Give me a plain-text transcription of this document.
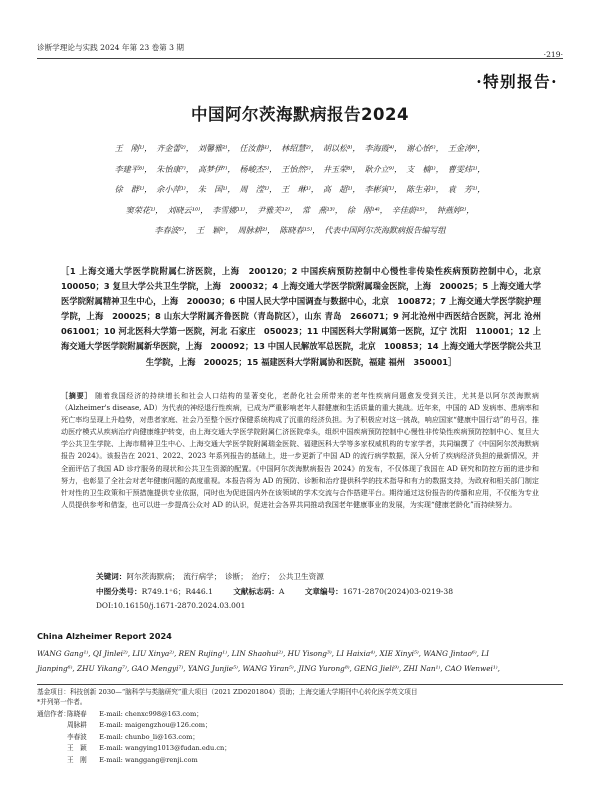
诊断学理论与实践 2024 年第 23 卷第 3 期
·219·
·特别报告·
中国阿尔茨海默病报告2024
王　刚¹⁾，　齐金蕾²⁾，　刘馨雅²⁾，　任汝静¹⁾，　林绍慧²⁾，　胡以松³⁾，　李海霞⁴⁾，　谢心怡⁵⁾，　王金涛⁶⁾，
李建平⁶⁾，　朱怡康⁷⁾，　高梦伊⁷⁾，　杨峻杰⁵⁾，　王怡然⁵⁾，　井玉荣⁸⁾，　耿介立⁹⁾，　支　楠¹⁾，　曹雯炜¹⁾，
徐　群¹⁾，　余小萍¹⁾，　朱　国¹⁾，　周　滢¹⁾，　王　琳¹⁾，　高　超¹⁾，　李彬寅¹⁾，　陈生弟¹⁾，　袁　芳¹⁾，
窦荣花¹⁾，　刘晓云¹⁰⁾，　李雪娜¹¹⁾，　尹雅芙¹²⁾，　常　燕¹³⁾，　徐　刚¹⁴⁾，　辛佳蔚¹⁵⁾，　钟燕婷²⁾，
李春波⁵⁾，　王　颖²⁾，　周脉耕²⁾，　陈晓春¹⁵⁾，　代表中国阿尔茨海默病报告编写组
［1 上海交通大学医学院附属仁济医院，上海　200120；2 中国疾病预防控制中心慢性非传染性疾病预防控制中心，北京　100050；3 复旦大学公共卫生学院，上海　200032；4 上海交通大学医学院附属瑞金医院，上海　200025；5 上海交通大学医学院附属精神卫生中心，上海　200030；6 中国人民大学中国调查与数据中心，北京　100872；7 上海交通大学医学院护理学院，上海　200025；8 山东大学附属齐鲁医院（青岛院区），山东 青岛　266071；9 河北沧州中西医结合医院，河北 沧州　061001；10 河北医科大学第一医院，河北 石家庄　050023；11 中国医科大学附属第一医院，辽宁 沈阳　110001；12 上海交通大学医学院附属新华医院，上海　200092；13 中国人民解放军总医院，北京　100853；14 上海交通大学医学院公共卫生学院，上海　200025；15 福建医科大学附属协和医院，福建 福州　350001］
［摘要］ 随着我国经济的持续增长和社会人口结构的显著变化，老龄化社会所带来的老年性疾病问题愈发受到关注，尤其是以阿尔茨海默病（Alzheimer's disease, AD）为代表的神经退行性疾病，已成为严重影响老年人群健康和生活质量的重大挑战。近年来，中国的 AD 发病率、患病率和死亡率均呈现上升趋势，对患者家庭、社会乃至整个医疗保健系统构成了沉重的经济负担。为了积极应对这一挑战，响应国家“健康中国行动”的号召，推动医疗模式从疾病治疗向健康维护转变，由上海交通大学医学院附属仁济医院牵头，组织中国疾病预防控制中心慢性非传染性疾病预防控制中心、复旦大学公共卫生学院、上海市精神卫生中心、上海交通大学医学院附属瑞金医院、福建医科大学等多家权威机构的专家学者，共同编撰了《中国阿尔茨海默病报告 2024》。该报告在 2021、2022、2023 年系列报告的基础上，进一步更新了中国 AD 的流行病学数据，深入分析了疾病经济负担的最新情况，并全面评估了我国 AD 诊疗服务的现状和公共卫生资源的配置。《中国阿尔茨海默病报告 2024》的发布，不仅体现了我国在 AD 研究和防控方面的进步和努力，也彰显了全社会对老年健康问题的高度重视。本报告将为 AD 的预防、诊断和治疗提供科学的技术指导和有力的数据支持，为政府和相关部门制定针对性的卫生政策和干预措施提供专业依据，同时也为促进国内外在该领域的学术交流与合作搭建平台。期待通过这份报告的传播和应用，不仅能为专业人员提供参考和借鉴，也可以进一步提高公众对 AD 的认识，促进社会各界共同推动我国老年健康事业的发展，为实现“健康老龄化”而持续努力。
关键词：阿尔茨海默病；　流行病学；　诊断；　治疗；　公共卫生资源
中图分类号：R749.1⁺6；R446.1	文献标志码：A	文章编号：1671-2870(2024)03-0219-38
DOI:10.16150/j.1671-2870.2024.03.001
China Alzheimer Report 2024
WANG Gang¹⁾, QI Jinlei²⁾, LIU Xinya²⁾, REN Rujing¹⁾, LIN Shaohui²⁾, HU Yisong³⁾, LI Haixia⁴⁾, XIE Xinyi⁵⁾, WANG Jintao⁶⁾, LI
Jianping⁶⁾, ZHU Yikang⁷⁾, GAO Mengyi⁷⁾, YANG Junjie⁵⁾, WANG Yiran⁵⁾, JING Yurong⁸⁾, GENG Jieli⁹⁾, ZHI Nan¹⁾, CAO Wenwei¹⁾,
基金项目：科技创新 2030—“脑科学与类脑研究”重大项目（2021 ZD0201804）资助；上海交通大学期刊中心转化医学英文项目
*并列第一作者。
通信作者：陈晓春 E-mail: chenxc998@163.com；
周脉耕 E-mail: maigengzhou@126.com；
李春波 E-mail: chunbo_li@163.com；
王　颖 E-mail: wangying1013@fudan.edu.cn；
王　刚 E-mail: wanggang@renji.com
